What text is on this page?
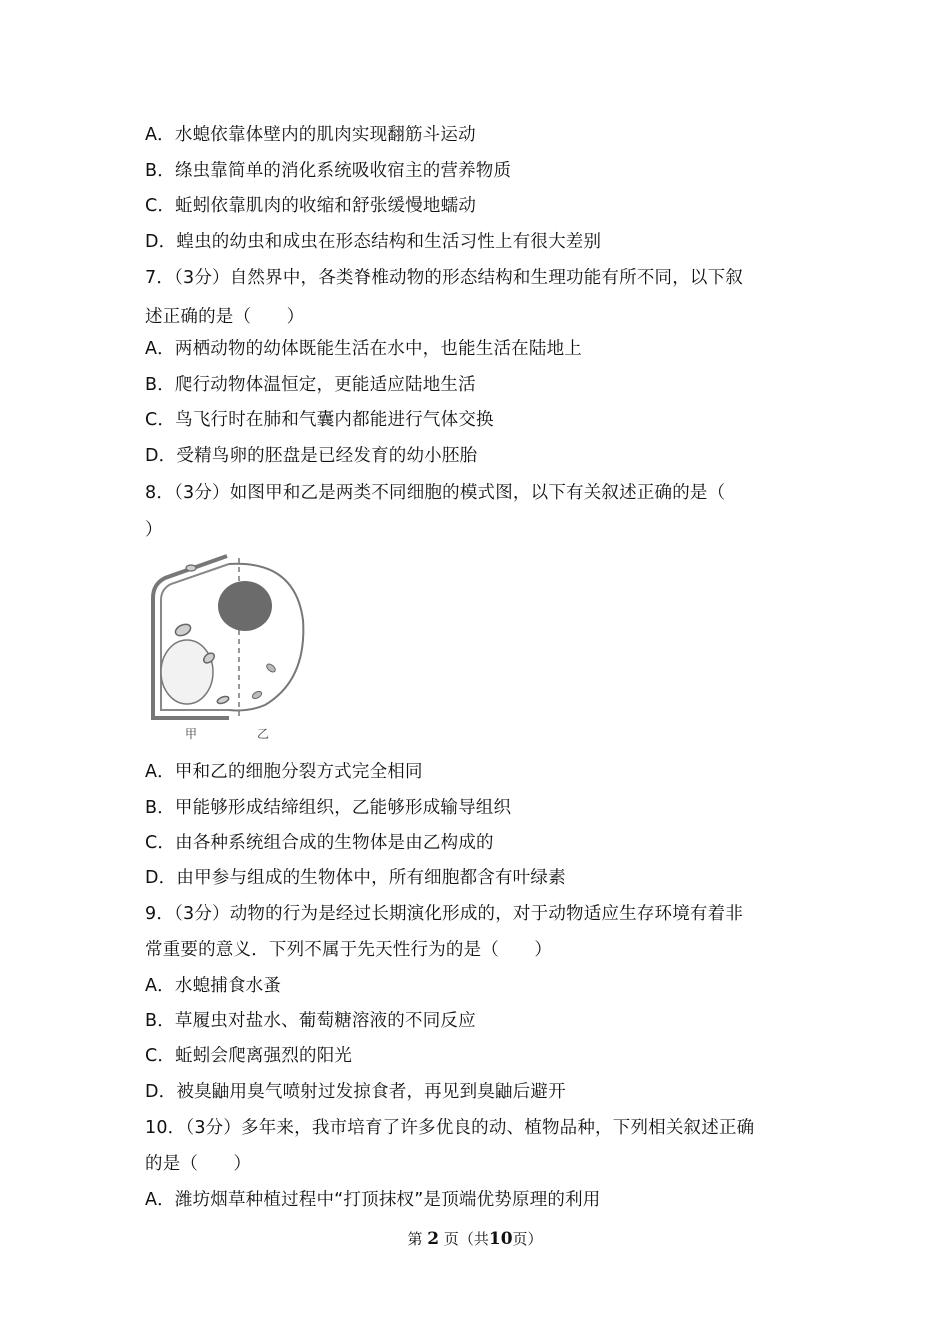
A．水螅依靠体壁内的肌肉实现翻筋斗运动
B．绦虫靠简单的消化系统吸收宿主的营养物质
C．蚯蚓依靠肌肉的收缩和舒张缓慢地蠕动
D．蝗虫的幼虫和成虫在形态结构和生活习性上有很大差别
7．（3分）自然界中，各类脊椎动物的形态结构和生理功能有所不同，以下叙
述正确的是（　　）
A．两栖动物的幼体既能生活在水中，也能生活在陆地上
B．爬行动物体温恒定，更能适应陆地生活
C．鸟飞行时在肺和气囊内都能进行气体交换
D．受精鸟卵的胚盘是已经发育的幼小胚胎
8．（3分）如图甲和乙是两类不同细胞的模式图，以下有关叙述正确的是（
）
甲	乙
A．甲和乙的细胞分裂方式完全相同
B．甲能够形成结缔组织，乙能够形成输导组织
C．由各种系统组合成的生物体是由乙构成的
D．由甲参与组成的生物体中，所有细胞都含有叶绿素
9．（3分）动物的行为是经过长期演化形成的，对于动物适应生存环境有着非
常重要的意义．下列不属于先天性行为的是（　　）
A．水螅捕食水蚤
B．草履虫对盐水、葡萄糖溶液的不同反应
C．蚯蚓会爬离强烈的阳光
D．被臭鼬用臭气喷射过发掠食者，再见到臭鼬后避开
10．（3分）多年来，我市培育了许多优良的动、植物品种，下列相关叙述正确
的是（　　）
A．潍坊烟草种植过程中“打顶抹杈”是顶端优势原理的利用
第 2 页（共10页）
